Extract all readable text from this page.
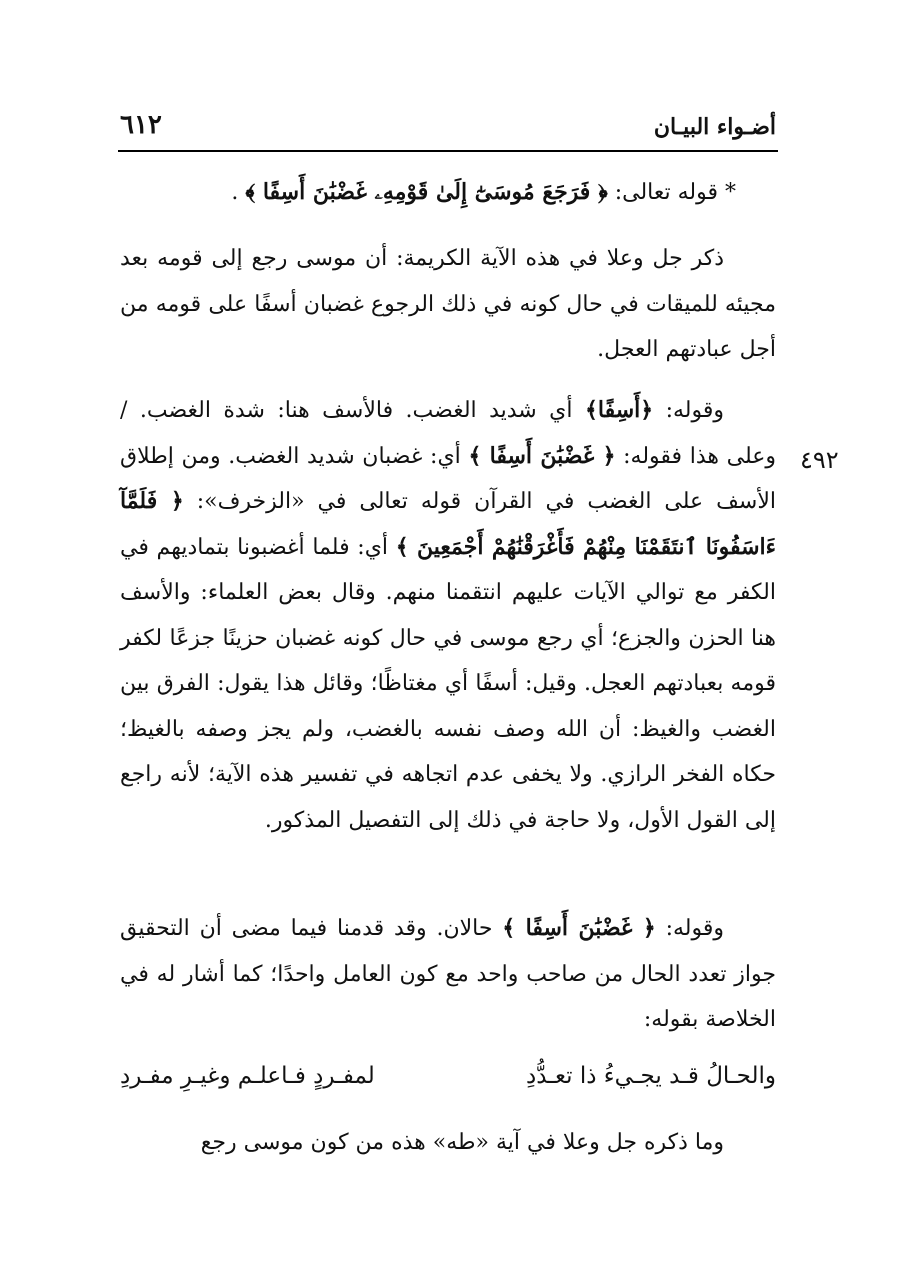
أضـواء البيـان
٦١٢
٤٩٢

* قوله تعالى: ﴿ فَرَجَعَ مُوسَىٰٓ إِلَىٰ قَوْمِهِۦ غَضْبَٰنَ أَسِفًا ﴾ .

ذكر جل وعلا في هذه الآية الكريمة: أن موسى رجع إلى قومه بعد مجيئه للميقات في حال كونه في ذلك الرجوع غضبان أسفًا على قومه من أجل عبادتهم العجل.

وقوله: ﴿أَسِفًا﴾ أي شديد الغضب. فالأسف هنا: شدة الغضب. / وعلى هذا فقوله: ﴿ غَضْبَٰنَ أَسِفًا ﴾ أي: غضبان شديد الغضب. ومن إطلاق الأسف على الغضب في القرآن قوله تعالى في «الزخرف»: ﴿ فَلَمَّآ ءَاسَفُونَا ٱنتَقَمْنَا مِنْهُمْ فَأَغْرَقْنَٰهُمْ أَجْمَعِينَ ﴾ أي: فلما أغضبونا بتماديهم في الكفر مع توالي الآيات عليهم انتقمنا منهم. وقال بعض العلماء: والأسف هنا الحزن والجزع؛ أي رجع موسى في حال كونه غضبان حزينًا جزعًا لكفر قومه بعبادتهم العجل. وقيل: أسفًا أي مغتاظًا؛ وقائل هذا يقول: الفرق بين الغضب والغيظ: أن الله وصف نفسه بالغضب، ولم يجز وصفه بالغيظ؛ حكاه الفخر الرازي. ولا يخفى عدم اتجاهه في تفسير هذه الآية؛ لأنه راجع إلى القول الأول، ولا حاجة في ذلك إلى التفصيل المذكور.

وقوله: ﴿ غَضْبَٰنَ أَسِفًا ﴾ حالان. وقد قدمنا فيما مضى أن التحقيق جواز تعدد الحال من صاحب واحد مع كون العامل واحدًا؛ كما أشار له في الخلاصة بقوله:

والحـالُ قـد يجـيءُ ذا تعـدُّدِ
لمفـردٍ فـاعلـم وغيـرِ مفـردِ

وما ذكره جل وعلا في آية «طه» هذه من كون موسى رجع
